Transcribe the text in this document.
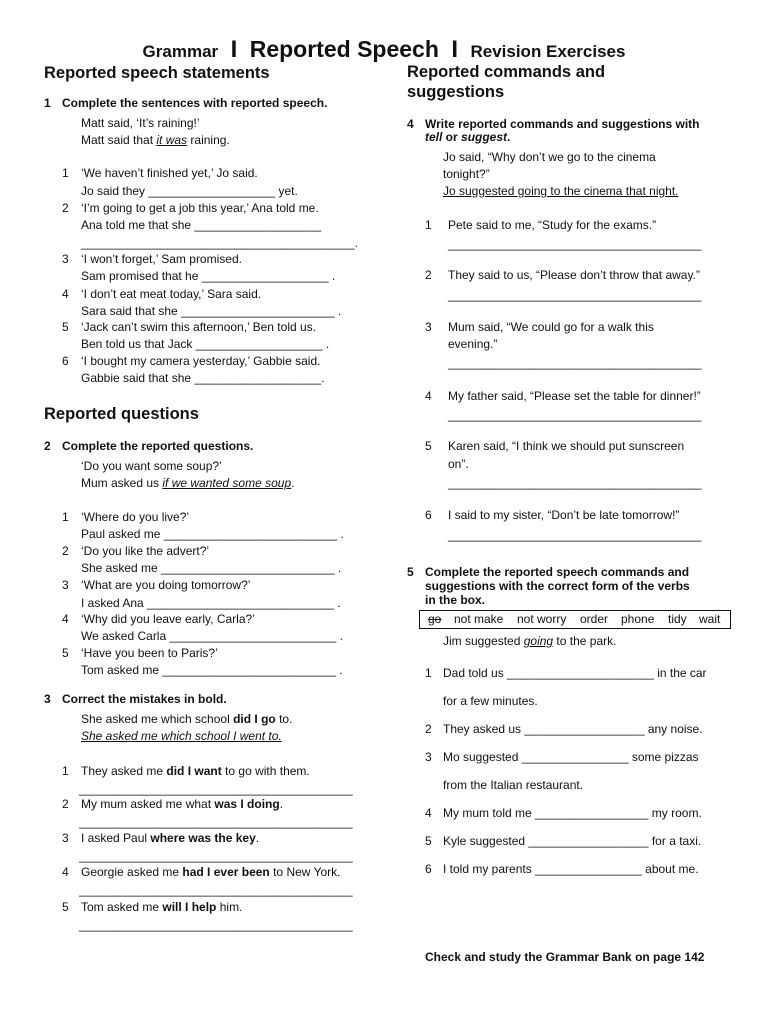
Grammar I Reported Speech I Revision Exercises
Reported speech statements
1 Complete the sentences with reported speech.
Matt said, ‘It’s raining!’
Matt said that it was raining.
1 ‘We haven’t finished yet,’ Jo said.
Jo said they ___________________ yet.
2 ‘I’m going to get a job this year,’ Ana told me.
Ana told me that she ___________________
_________________________________________.
3 ‘I won’t forget,’ Sam promised.
Sam promised that he ___________________ .
4 ‘I don’t eat meat today,’ Sara said.
Sara said that she _______________________ .
5 ‘Jack can’t swim this afternoon,’ Ben told us.
Ben told us that Jack ___________________ .
6 ‘I bought my camera yesterday,’ Gabbie said.
Gabbie said that she ___________________.
Reported questions
2 Complete the reported questions.
‘Do you want some soup?’
Mum asked us if we wanted some soup.
1 ‘Where do you live?’
Paul asked me __________________________ .
2 ‘Do you like the advert?’
She asked me __________________________ .
3 ‘What are you doing tomorrow?’
I asked Ana ____________________________ .
4 ‘Why did you leave early, Carla?’
We asked Carla _________________________ .
5 ‘Have you been to Paris?’
Tom asked me __________________________ .
3 Correct the mistakes in bold.
She asked me which school did I go to.
She asked me which school I went to.
1 They asked me did I want to go with them.
_________________________________________
2 My mum asked me what was I doing.
_________________________________________
3 I asked Paul where was the key.
_________________________________________
4 Georgie asked me had I ever been to New York.
_________________________________________
5 Tom asked me will I help him.
_________________________________________
Reported commands and
suggestions
4 Write reported commands and suggestions with
tell or suggest.
Jo said, “Why don’t we go to the cinema
tonight?”
Jo suggested going to the cinema that night.
1 Pete said to me, “Study for the exams.”
______________________________________
2 They said to us, “Please don’t throw that away.”
______________________________________
3 Mum said, “We could go for a walk this
evening.”
______________________________________
4 My father said, “Please set the table for dinner!”
______________________________________
5 Karen said, “I think we should put sunscreen
on”.
______________________________________
6 I said to my sister, “Don’t be late tomorrow!”
______________________________________
5 Complete the reported speech commands and
suggestions with the correct form of the verbs
in the box.
go not make not worry order phone tidy wait
Jim suggested going to the park.
1 Dad told us ______________________ in the car
for a few minutes.
2 They asked us __________________ any noise.
3 Mo suggested ________________ some pizzas
from the Italian restaurant.
4 My mum told me _________________ my room.
5 Kyle suggested __________________ for a taxi.
6 I told my parents ________________ about me.
Check and study the Grammar Bank on page 142
